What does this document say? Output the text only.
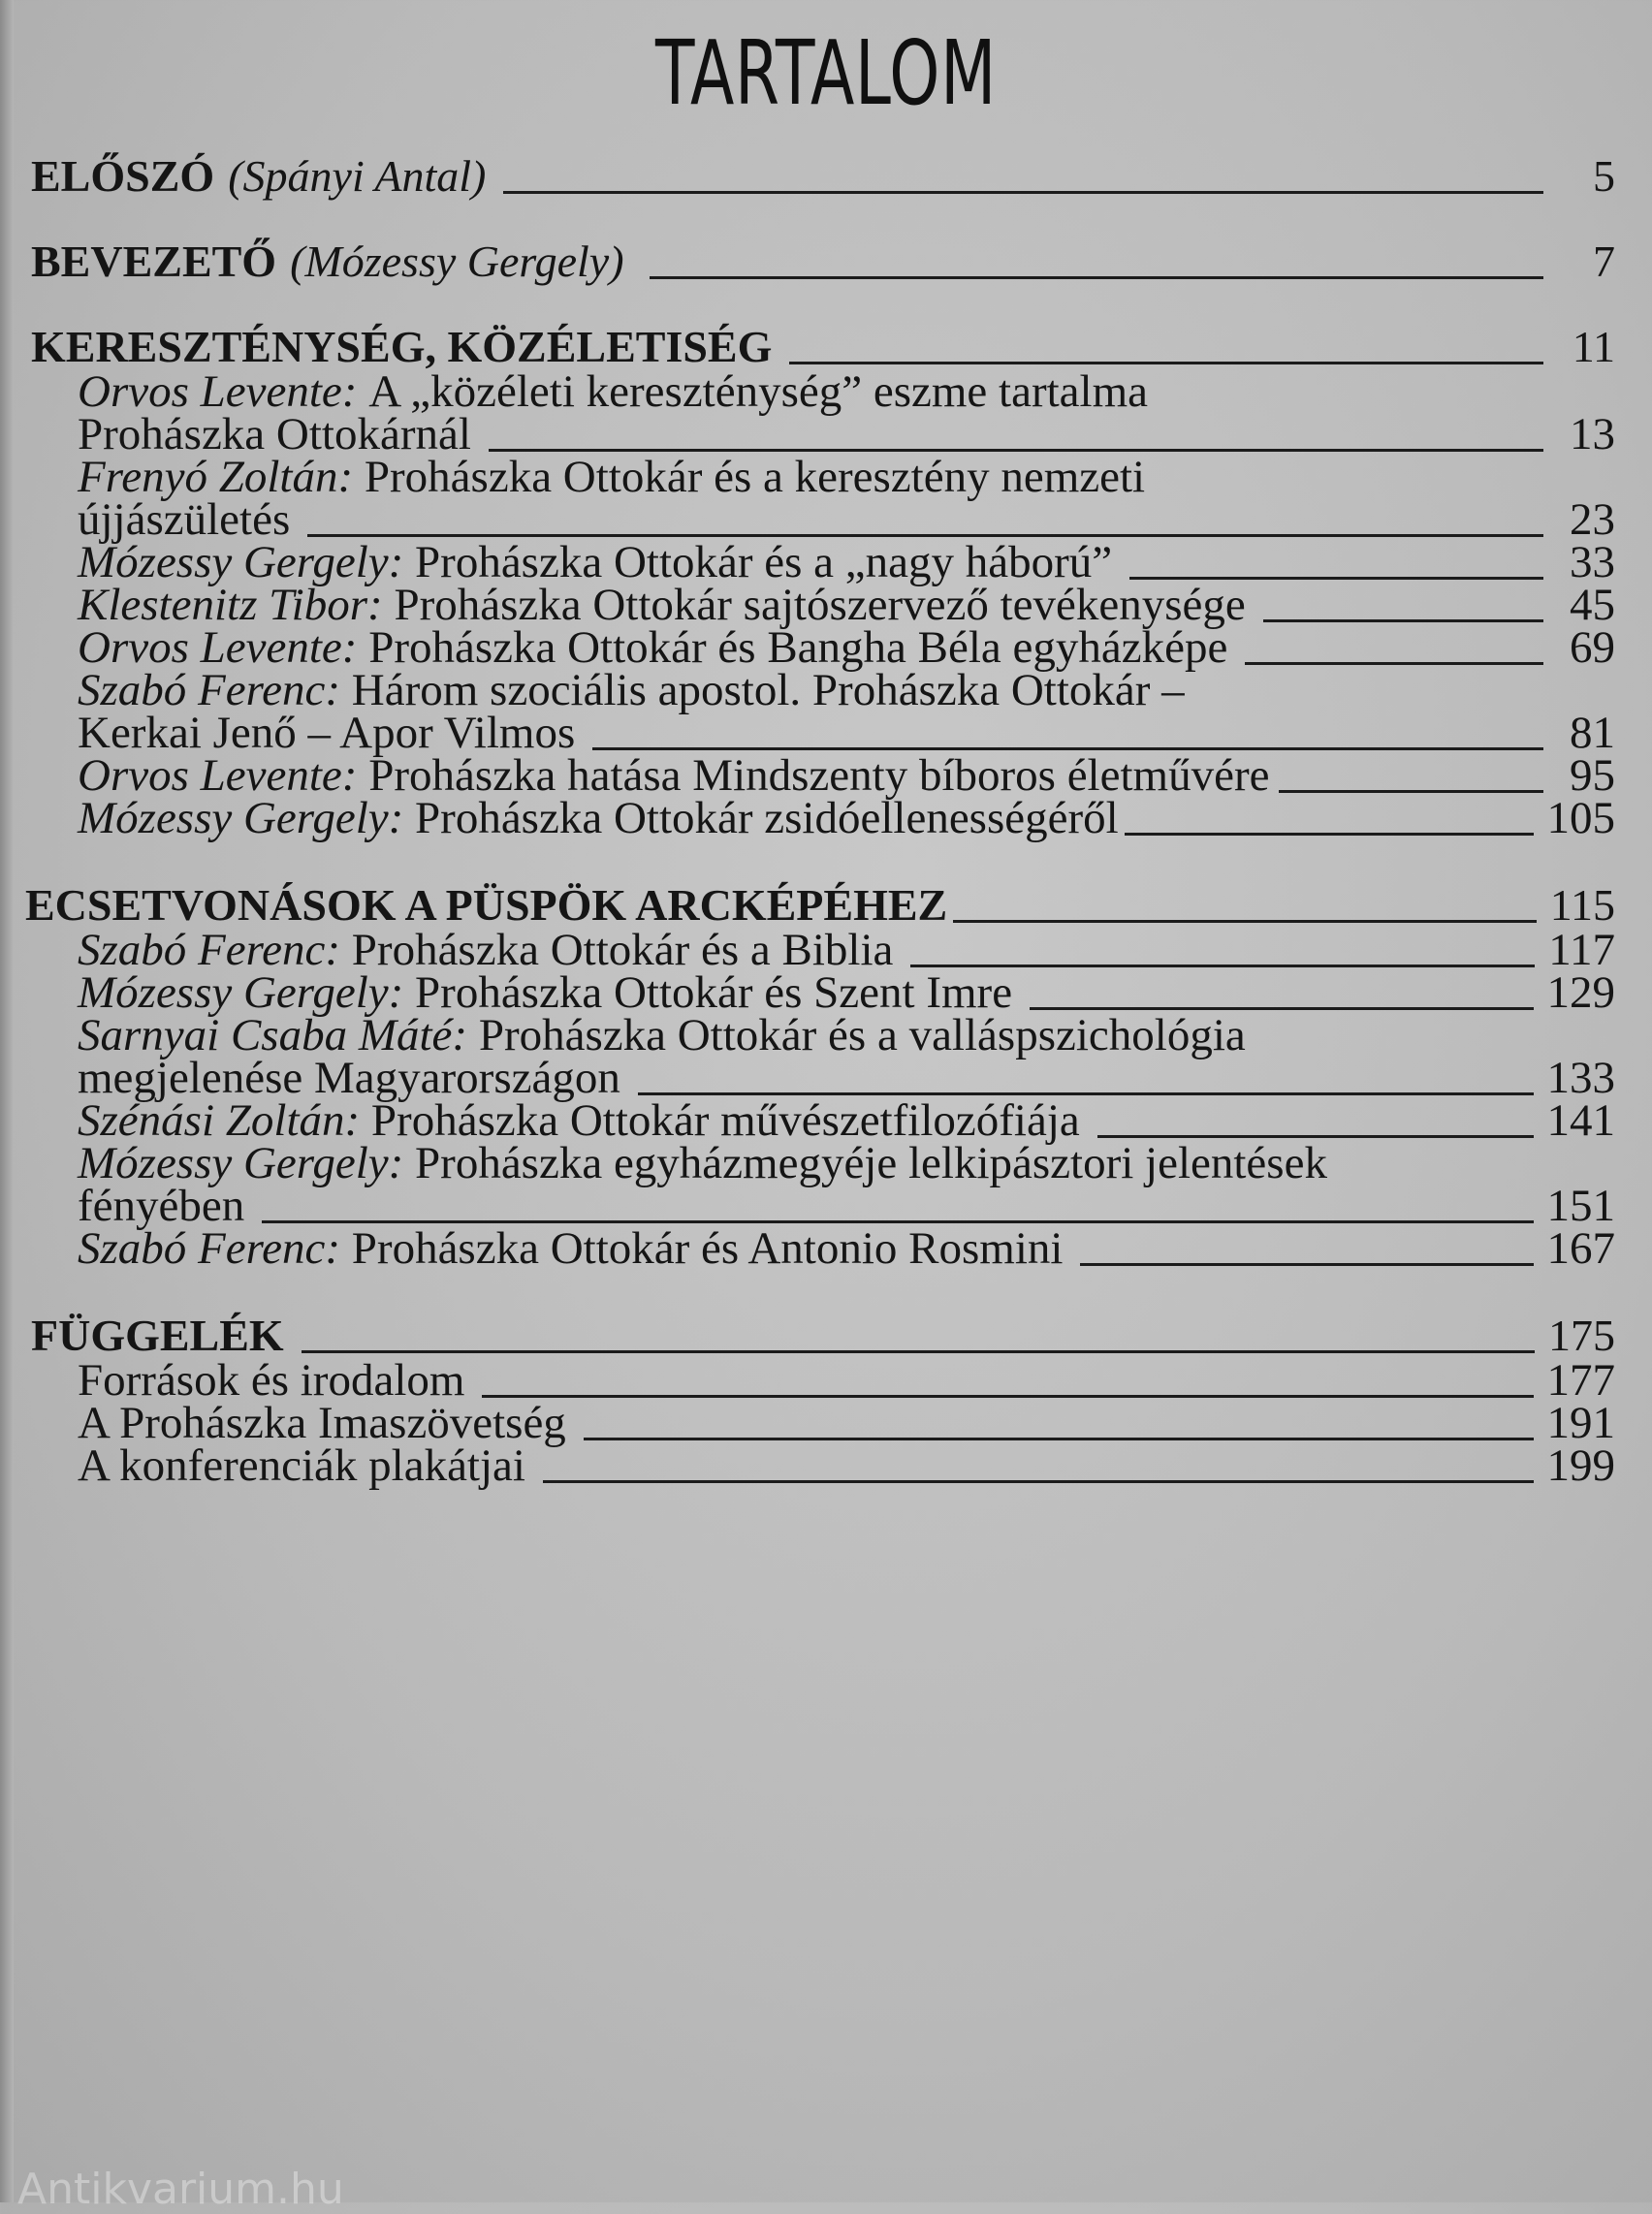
TARTALOM
ELŐSZÓ (Spányi Antal)	5
BEVEZETŐ (Mózessy Gergely)	7
KERESZTÉNYSÉG, KÖZÉLETISÉG	11
Orvos Levente:
A „közéleti kereszténység” eszme tartalma
Prohászka Ottokárnál	13
Frenyó Zoltán:
Prohászka Ottokár és a keresztény nemzeti
újjászületés	23
Mózessy Gergely:
Prohászka Ottokár és a „nagy háború”	33
Klestenitz Tibor:
Prohászka Ottokár sajtószervező tevékenysége	45
Orvos Levente:
Prohászka Ottokár és Bangha Béla egyházképe	69
Szabó Ferenc:
Három szociális apostol. Prohászka Ottokár –
Kerkai Jenő – Apor Vilmos	81
Orvos Levente:
Prohászka hatása Mindszenty bíboros életművére	95
Mózessy Gergely:
Prohászka Ottokár zsidóellenességéről	105
ECSETVONÁSOK A PÜSPÖK ARCKÉPÉHEZ	115
Szabó Ferenc:
Prohászka Ottokár és a Biblia	117
Mózessy Gergely:
Prohászka Ottokár és Szent Imre	129
Sarnyai Csaba Máté:
Prohászka Ottokár és a valláspszichológia
megjelenése Magyarországon	133
Szénási Zoltán:
Prohászka Ottokár művészetfilozófiája	141
Mózessy Gergely:
Prohászka egyházmegyéje lelkipásztori jelentések
fényében	151
Szabó Ferenc:
Prohászka Ottokár és Antonio Rosmini	167
FÜGGELÉK	175
Források és irodalom	177
A Prohászka Imaszövetség	191
A konferenciák plakátjai	199
Antikvarium.hu
